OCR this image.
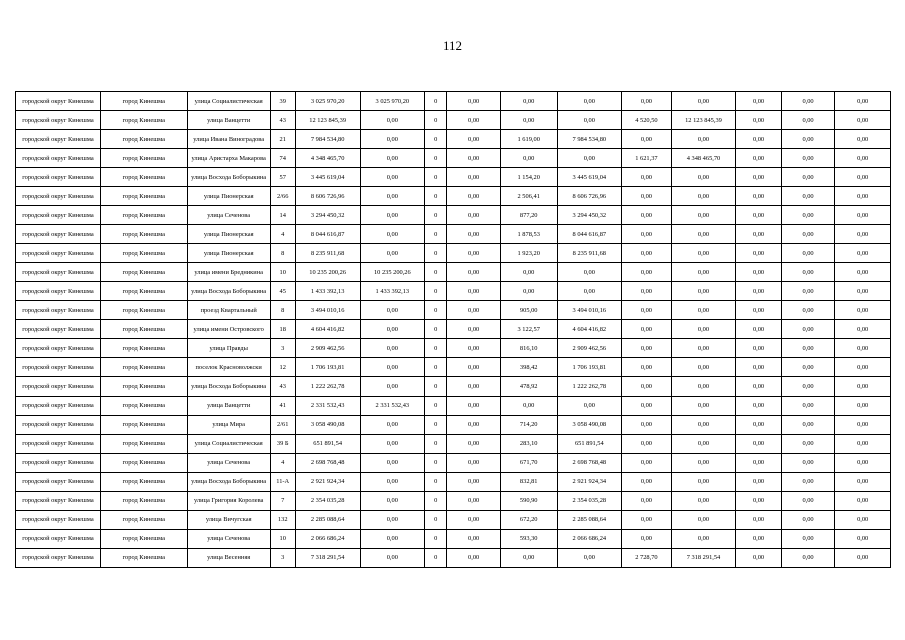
112
городской округ Кинешма	город Кинешма	улица Социалистическая	39	3 025 970,20	3 025 970,20	0	0,00	0,00	0,00	0,00	0,00	0,00	0,00	0,00
городской округ Кинешма	город Кинешма	улица Ванцетти	43	12 123 845,39	0,00	0	0,00	0,00	0,00	4 520,50	12 123 845,39	0,00	0,00	0,00
городской округ Кинешма	город Кинешма	улица Ивана Виноградова	21	7 984 534,80	0,00	0	0,00	1 619,00	7 984 534,80	0,00	0,00	0,00	0,00	0,00
городской округ Кинешма	город Кинешма	улица Аристарха Макарова	74	4 348 465,70	0,00	0	0,00	0,00	0,00	1 621,37	4 348 465,70	0,00	0,00	0,00
городской округ Кинешма	город Кинешма	улица Восхода Бобоpыкина	57	3 445 619,04	0,00	0	0,00	1 154,20	3 445 619,04	0,00	0,00	0,00	0,00	0,00
городской округ Кинешма	город Кинешма	улица Пионерская	2/66	8 606 726,96	0,00	0	0,00	2 506,41	8 606 726,96	0,00	0,00	0,00	0,00	0,00
городской округ Кинешма	город Кинешма	улица Сеченова	14	3 294 450,32	0,00	0	0,00	877,20	3 294 450,32	0,00	0,00	0,00	0,00	0,00
городской округ Кинешма	город Кинешма	улица Пионерская	4	8 044 616,87	0,00	0	0,00	1 878,53	8 044 616,87	0,00	0,00	0,00	0,00	0,00
городской округ Кинешма	город Кинешма	улица Пионерская	8	8 235 911,68	0,00	0	0,00	1 923,20	8 235 911,68	0,00	0,00	0,00	0,00	0,00
городской округ Кинешма	город Кинешма	улица имени Бредникина	10	10 235 200,26	10 235 200,26	0	0,00	0,00	0,00	0,00	0,00	0,00	0,00	0,00
городской округ Кинешма	город Кинешма	улица Восхода Бобоpыкина	45	1 433 392,13	1 433 392,13	0	0,00	0,00	0,00	0,00	0,00	0,00	0,00	0,00
городской округ Кинешма	город Кинешма	проезд Квартальный	8	3 494 010,16	0,00	0	0,00	905,00	3 494 010,16	0,00	0,00	0,00	0,00	0,00
городской округ Кинешма	город Кинешма	улица имени Островского	18	4 604 416,82	0,00	0	0,00	3 122,57	4 604 416,82	0,00	0,00	0,00	0,00	0,00
городской округ Кинешма	город Кинешма	улица Правды	3	2 909 462,56	0,00	0	0,00	816,10	2 909 462,56	0,00	0,00	0,00	0,00	0,00
городской округ Кинешма	город Кинешма	поселок Красноволжски	12	1 706 193,81	0,00	0	0,00	398,42	1 706 193,81	0,00	0,00	0,00	0,00	0,00
городской округ Кинешма	город Кинешма	улица Восхода Бобоpыкина	43	1 222 262,78	0,00	0	0,00	478,92	1 222 262,78	0,00	0,00	0,00	0,00	0,00
городской округ Кинешма	город Кинешма	улица Ванцетти	41	2 331 532,43	2 331 532,43	0	0,00	0,00	0,00	0,00	0,00	0,00	0,00	0,00
городской округ Кинешма	город Кинешма	улица Мира	2/61	3 058 490,08	0,00	0	0,00	714,20	3 058 490,08	0,00	0,00	0,00	0,00	0,00
городской округ Кинешма	город Кинешма	улица Социалистическая	39 Б	651 891,54	0,00	0	0,00	283,10	651 891,54	0,00	0,00	0,00	0,00	0,00
городской округ Кинешма	город Кинешма	улица Сеченова	4	2 698 768,48	0,00	0	0,00	671,70	2 698 768,48	0,00	0,00	0,00	0,00	0,00
городской округ Кинешма	город Кинешма	улица Восхода Бобоpыкина	11-А	2 921 924,34	0,00	0	0,00	832,81	2 921 924,34	0,00	0,00	0,00	0,00	0,00
городской округ Кинешма	город Кинешма	улица Григория Королева	7	2 354 035,28	0,00	0	0,00	590,90	2 354 035,28	0,00	0,00	0,00	0,00	0,00
городской округ Кинешма	город Кинешма	улица Вичугская	132	2 285 088,64	0,00	0	0,00	672,20	2 285 088,64	0,00	0,00	0,00	0,00	0,00
городской округ Кинешма	город Кинешма	улица Сеченова	10	2 066 686,24	0,00	0	0,00	593,30	2 066 686,24	0,00	0,00	0,00	0,00	0,00
городской округ Кинешма	город Кинешма	улица Весенняя	3	7 318 291,54	0,00	0	0,00	0,00	0,00	2 728,70	7 318 291,54	0,00	0,00	0,00
